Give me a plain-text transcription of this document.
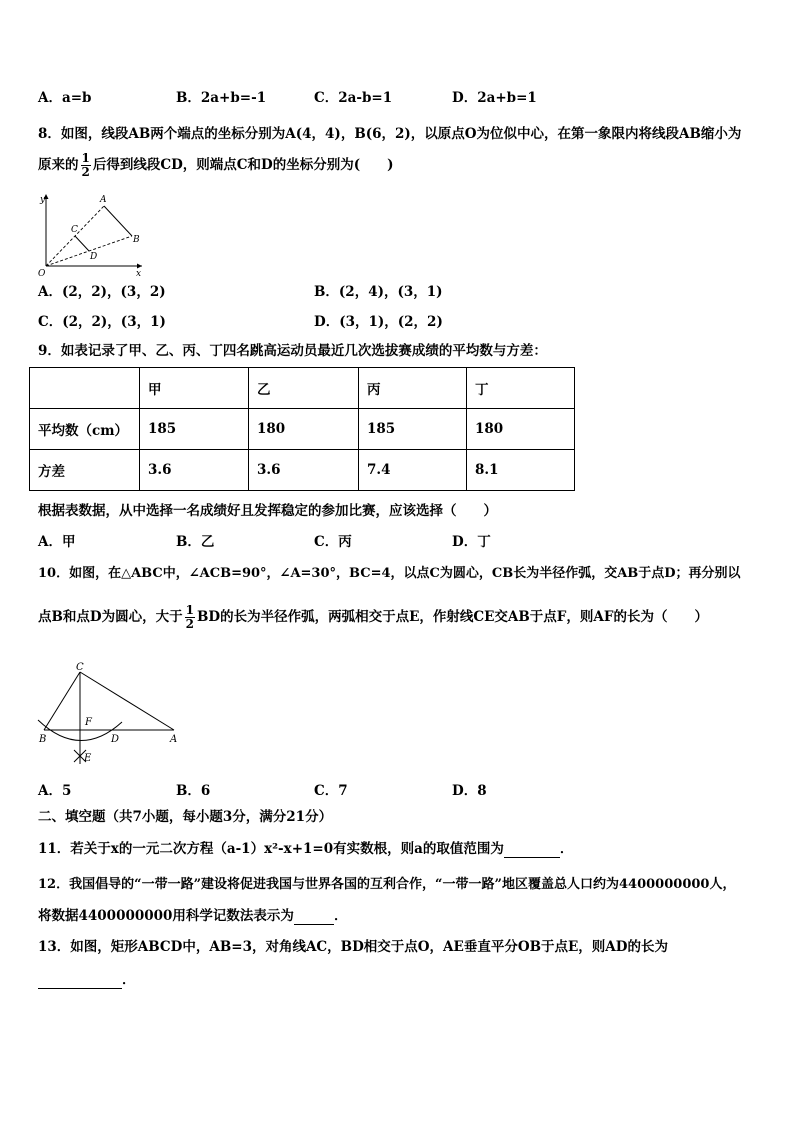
A．a=b	B．2a+b=-1	C．2a-b=1	D．2a+b=1
8．如图，线段AB两个端点的坐标分别为A(4，4)，B(6，2)，以原点O为位似中心，在第一象限内将线段AB缩小为
原来的 $\frac{1}{2}$ 后得到线段CD，则端点C和D的坐标分别为(　　)
y
x
O
A
B
C
D
A．(2，2)，(3，2)	B．(2，4)，(3，1)
C．(2，2)，(3，1)	D．(3，1)，(2，2)
9．如表记录了甲、乙、丙、丁四名跳高运动员最近几次选拔赛成绩的平均数与方差：
	甲	乙	丙	丁
平均数（cm）	185	180	185	180
方差	3.6	3.6	7.4	8.1
根据表数据，从中选择一名成绩好且发挥稳定的参加比赛，应该选择（　　）
A．甲	B．乙	C．丙	D．丁
10．如图，在△ABC中，∠ACB=90°，∠A=30°，BC=4，以点C为圆心，CB长为半径作弧，交AB于点D；再分别以
点B和点D为圆心，大于 $\frac{1}{2}$ BD的长为半径作弧，两弧相交于点E，作射线CE交AB于点F，则AF的长为（　　）
C
F
B	D	A
E
A．5	B．6	C．7	D．8
二、填空题（共7小题，每小题3分，满分21分）
11．若关于x的一元二次方程（a-1）x²-x+1=0有实数根，则a的取值范围为	．
12．我国倡导的“一带一路”建设将促进我国与世界各国的互利合作，“一带一路”地区覆盖总人口约为4400000000人，
将数据4400000000用科学记数法表示为	．
13．如图，矩形ABCD中，AB=3，对角线AC，BD相交于点O，AE垂直平分OB于点E，则AD的长为
．
